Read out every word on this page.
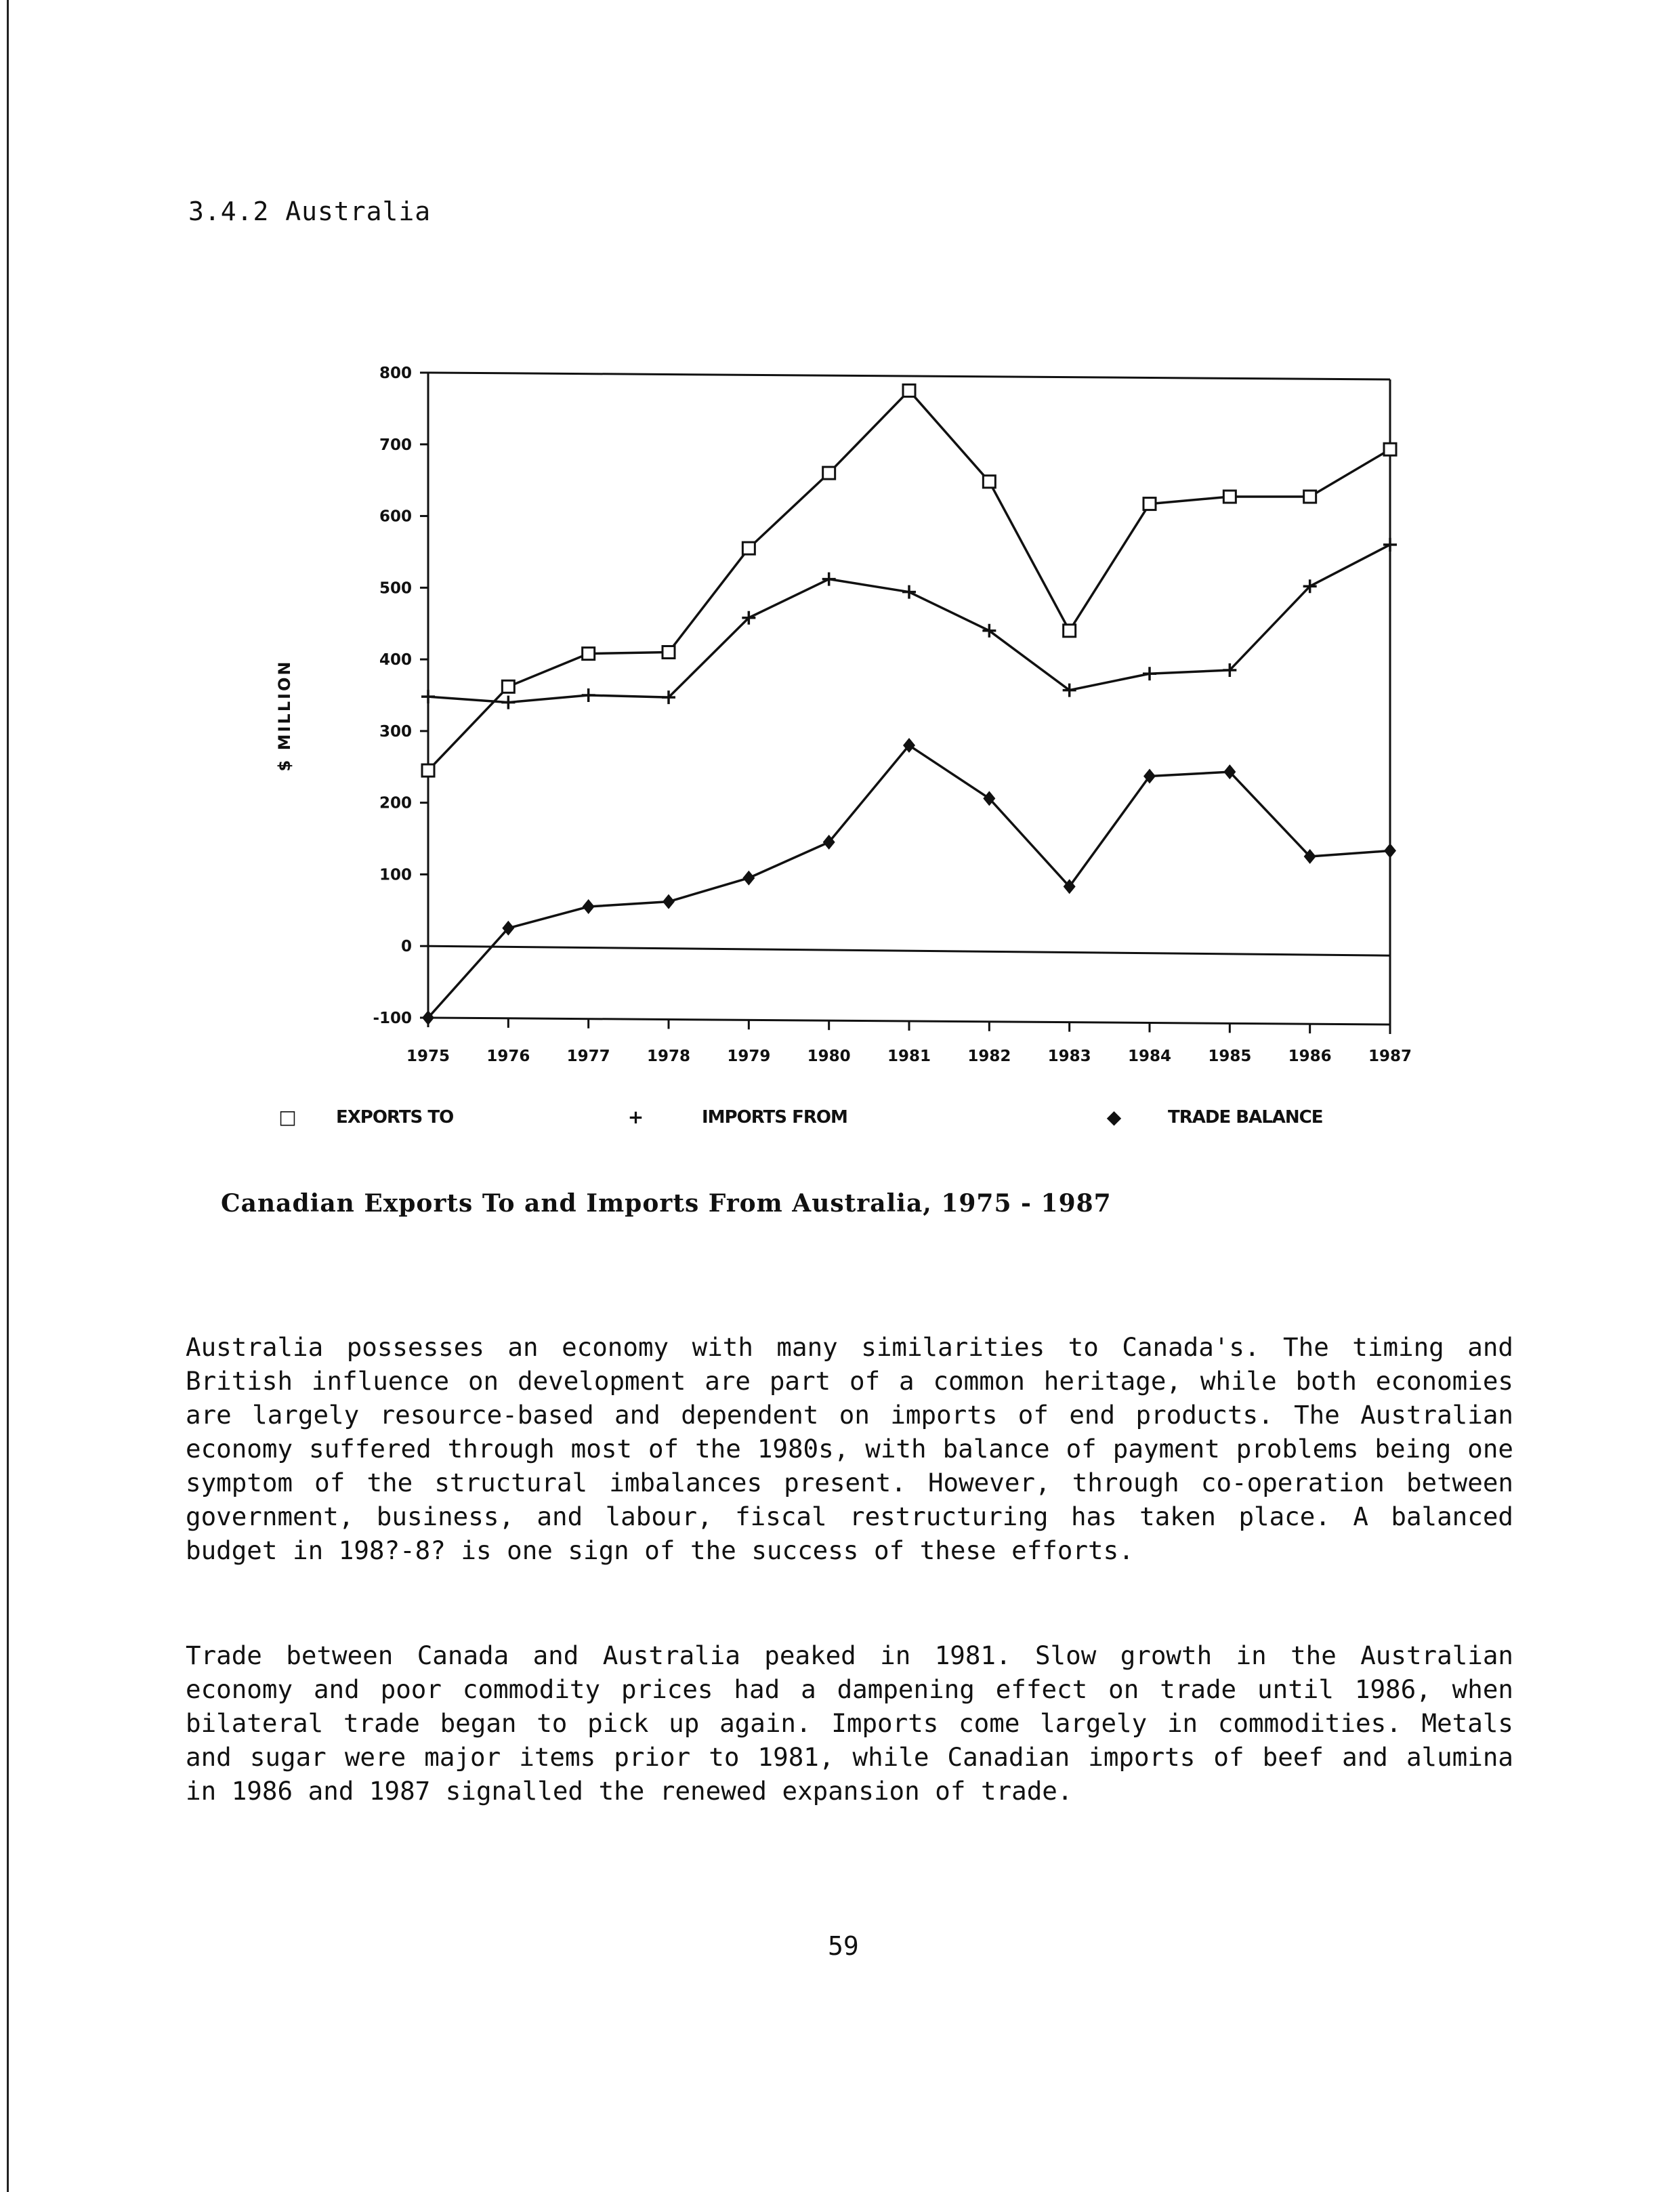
3.4.2 Australia
$ MILLION
-100
0
100
200
300
400
500
600
700
800
1975 1976 1977 1978 1979 1980 1981 1982 1983 1984 1985 1986 1987
□ EXPORTS TO	+	IMPORTS FROM	◆	TRADE BALANCE
Canadian Exports To and Imports From Australia, 1975 - 1987
Australia possesses an economy with many similarities to Canada's. The timing and British influence on development are part of a common heritage, while both economies are largely resource-based and dependent on imports of end products. The Australian economy suffered through most of the 1980s, with balance of payment problems being one symptom of the structural imbalances present. However, through co-operation between government, business, and labour, fiscal restructuring has taken place. A balanced budget in 198?-8? is one sign of the success of these efforts.
Trade between Canada and Australia peaked in 1981. Slow growth in the Australian economy and poor commodity prices had a dampening effect on trade until 1986, when bilateral trade began to pick up again. Imports come largely in commodities. Metals and sugar were major items prior to 1981, while Canadian imports of beef and alumina in 1986 and 1987 signalled the renewed expansion of trade.
59
